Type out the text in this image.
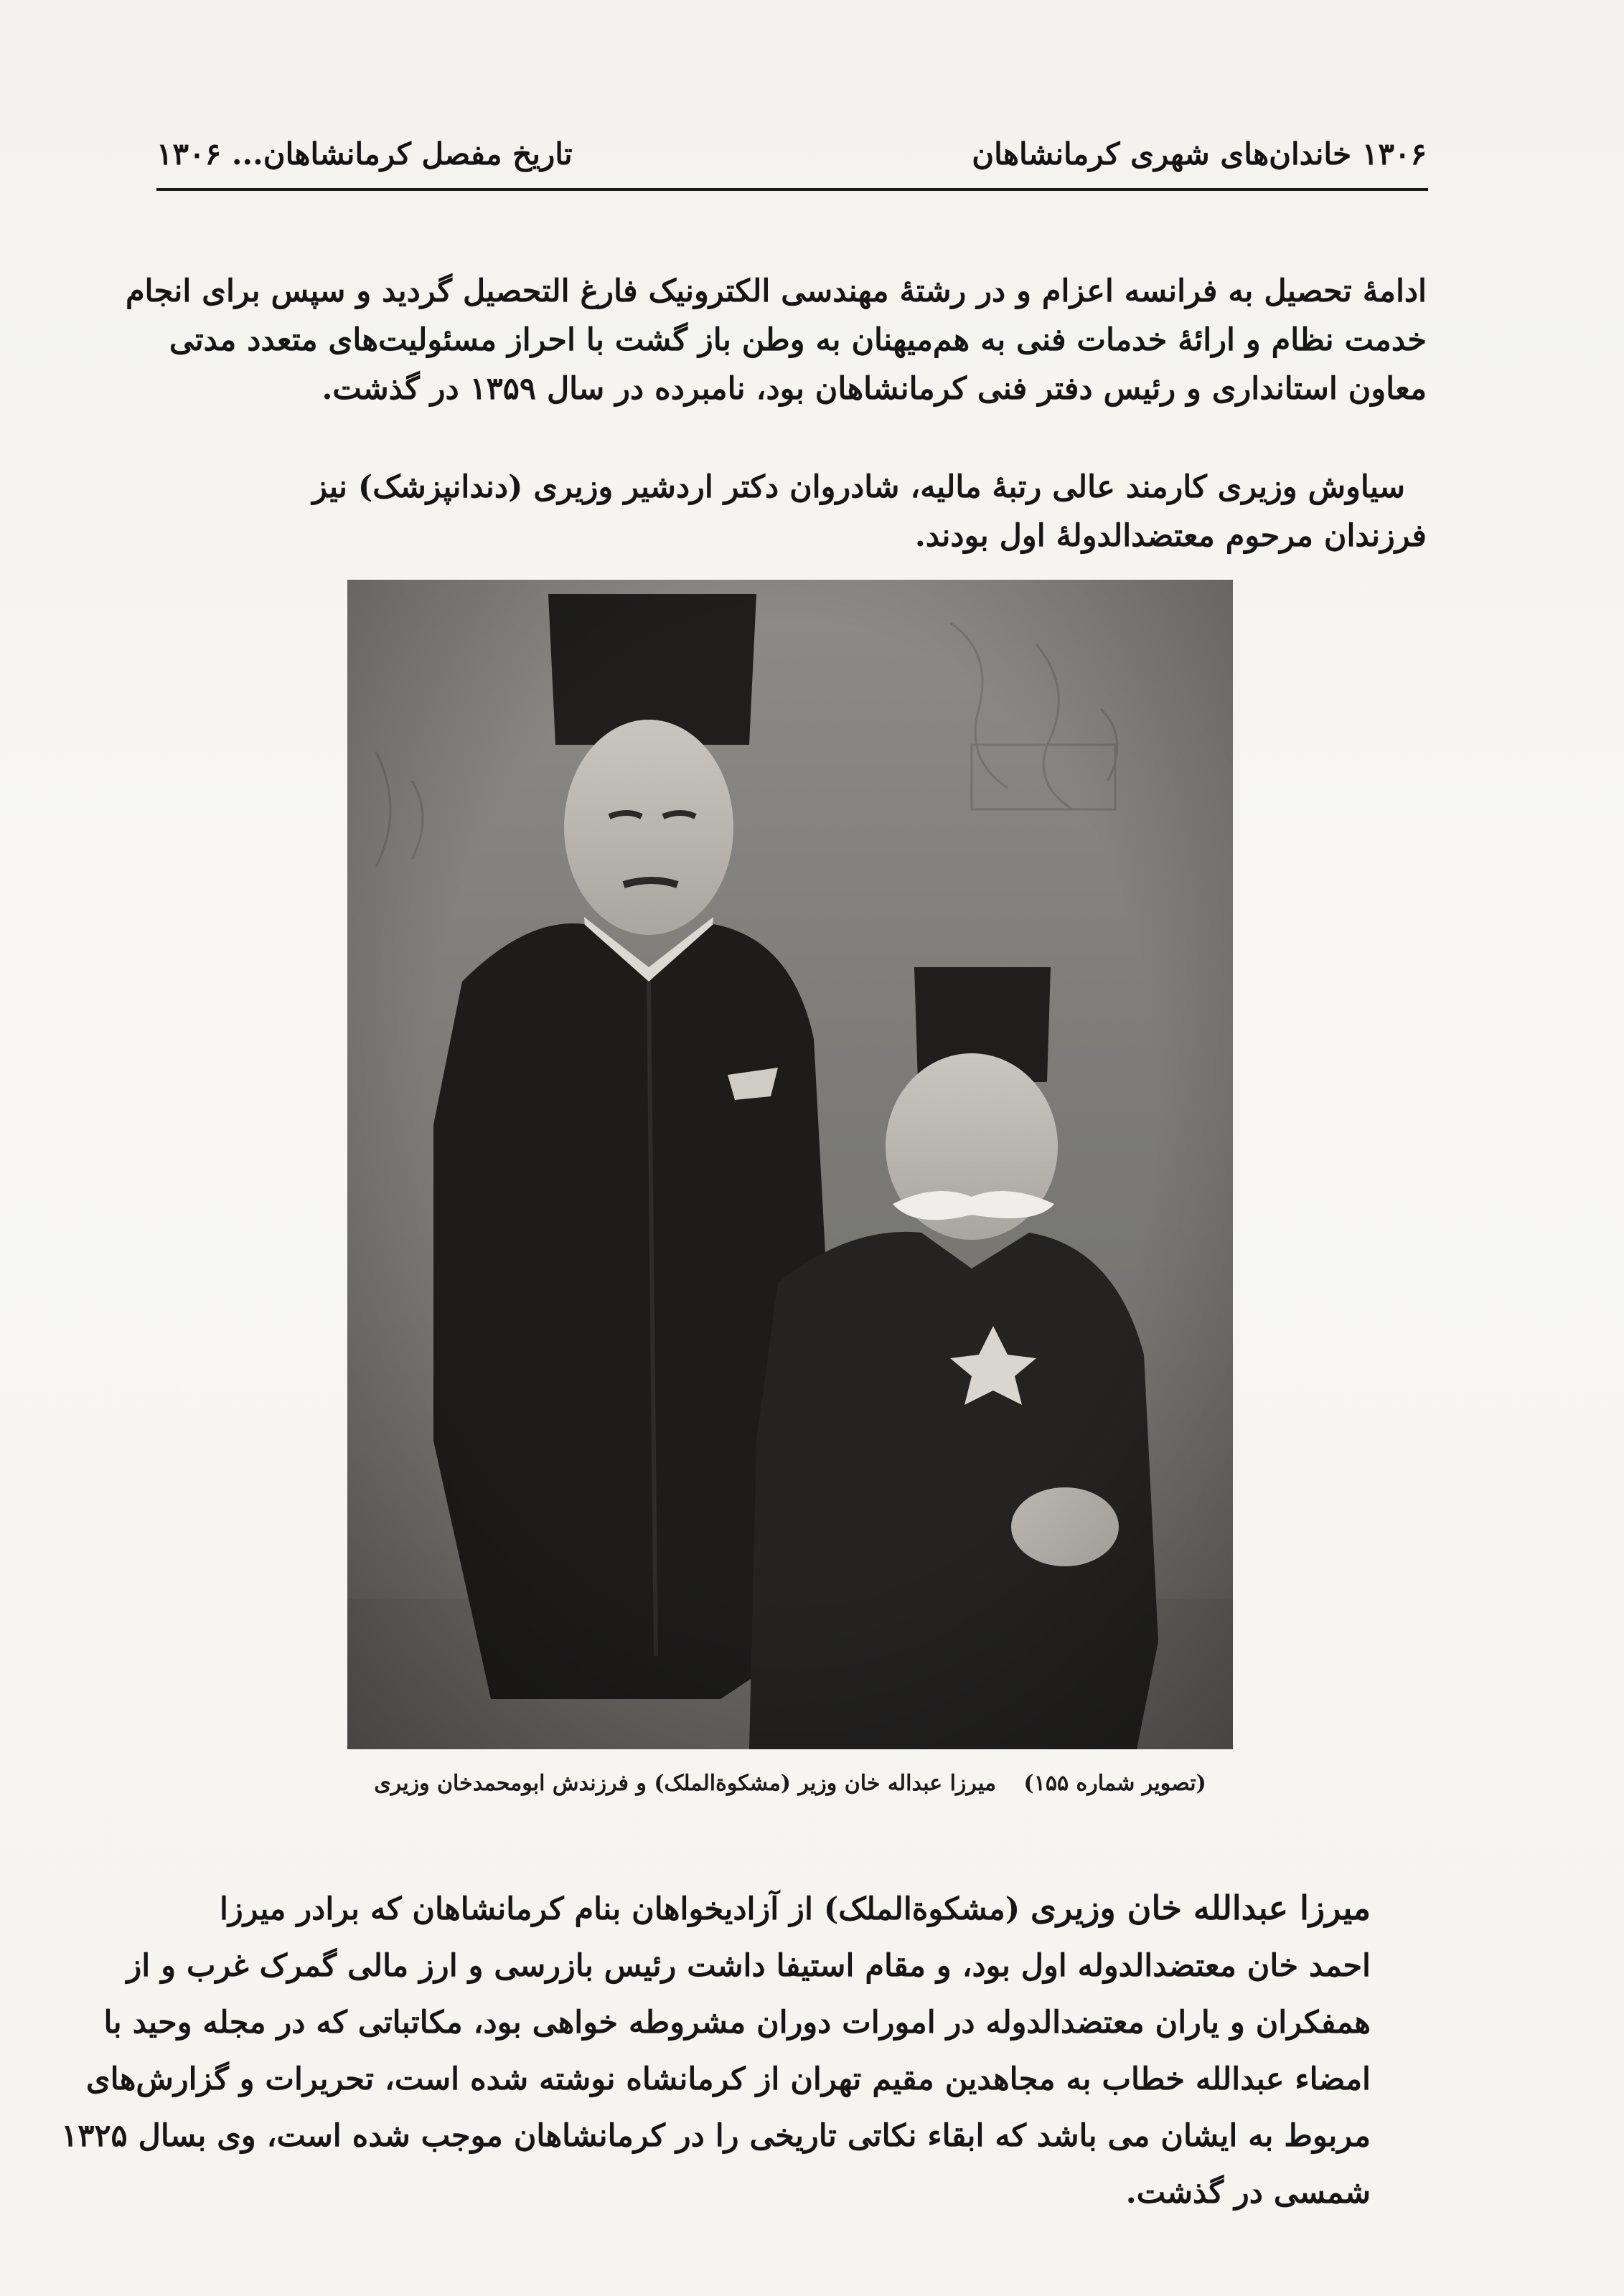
۱۳۰۶ خاندان‌های شهری کرمانشاهان
تاریخ مفصل کرمانشاهان... ۱۳۰۶
ادامهٔ تحصیل به فرانسه اعزام و در رشتهٔ مهندسی الکترونیک فارغ التحصیل گردید و سپس برای انجام
خدمت نظام و ارائهٔ خدمات فنی به هم‌میهنان به وطن باز گشت با احراز مسئولیت‌های متعدد مدتی
معاون استانداری و رئیس دفتر فنی کرمانشاهان بود، نامبرده در سال ۱۳۵۹ در گذشت.
سیاوش وزیری کارمند عالی رتبهٔ مالیه، شادروان دکتر اردشیر وزیری (دندانپزشک) نیز
فرزندان مرحوم معتضدالدولهٔ اول بودند.
(تصویر شماره ۱۵۵) میرزا عبداله خان وزیر (مشکوة‌الملک) و فرزندش ابومحمدخان وزیری
میرزا عبدالله خان وزیری (مشکوة‌الملک) از آزادیخواهان بنام کرمانشاهان که برادر میرزا
احمد خان معتضدالدوله اول بود، و مقام استیفا داشت رئیس بازرسی و ارز مالی گمرک غرب و از
همفکران و یاران معتضدالدوله در امورات دوران مشروطه خواهی بود، مکاتباتی که در مجله وحید با
امضاء عبدالله خطاب به مجاهدین مقیم تهران از کرمانشاه نوشته شده است، تحریرات و گزارش‌های
مربوط به ایشان می باشد که ابقاء نکاتی تاریخی را در کرمانشاهان موجب شده است، وی بسال ۱۳۲۵
شمسی در گذشت.
